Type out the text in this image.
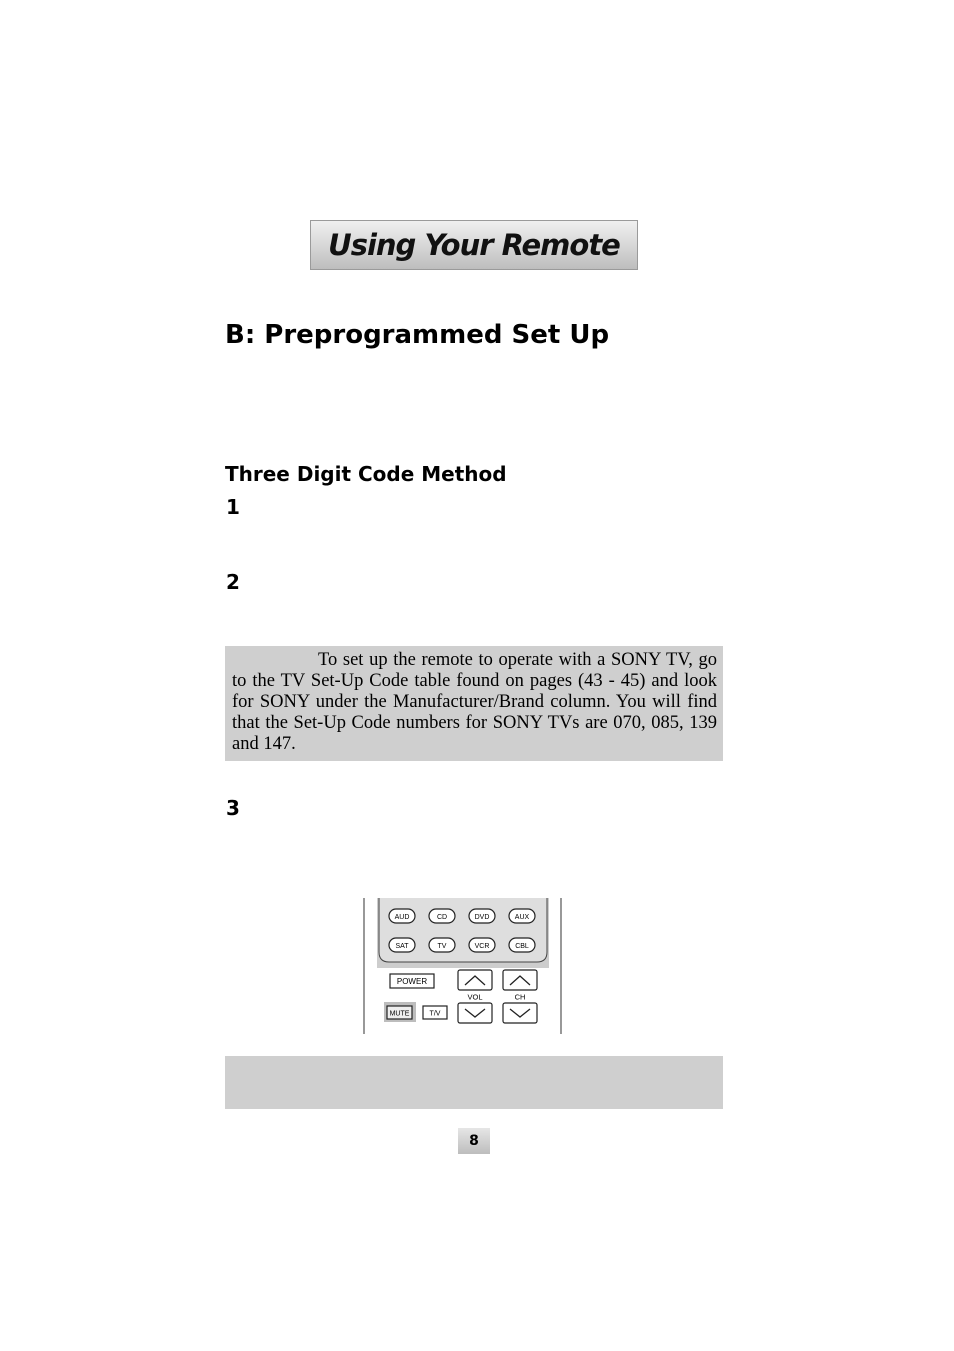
Using Your Remote
B: Preprogrammed Set Up
Three Digit Code Method
1
2
3
To set up the remote to operate with a SONY TV, go to the TV Set-Up Code table found on pages (43 - 45) and look for SONY under the Manufacturer/Brand column. You will find that the Set-Up Code numbers for SONY TVs are 070, 085, 139 and 147.
AUD	CD	DVD	AUX
SAT	TV	VCR	CBL
POWER
MUTE	T/V
VOL	CH
8
